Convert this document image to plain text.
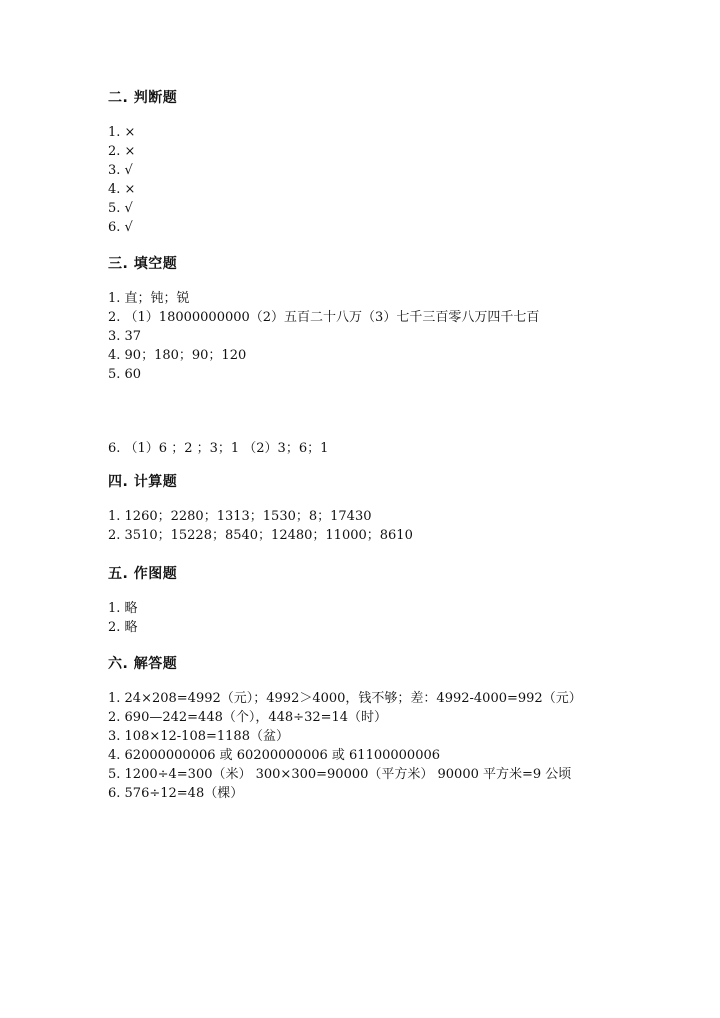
二. 判断题
1. ×
2. ×
3. √
4. ×
5. √
6. √
三. 填空题
1. 直；钝；锐
2. （1）18000000000（2）五百二十八万（3）七千三百零八万四千七百
3. 37
4. 90；180；90；120
5. 60
6. （1）6 ；2 ；3；1 （2）3；6；1
四. 计算题
1. 1260；2280；1313；1530；8；17430
2. 3510；15228；8540；12480；11000；8610
五. 作图题
1. 略
2. 略
六. 解答题
1. 24×208=4992（元）；4992＞4000，钱不够；差：4992-4000=992（元）
2. 690—242=448（个），448÷32=14（时）
3. 108×12-108=1188（盆）
4. 62000000006 或 60200000006 或 61100000006
5. 1200÷4=300（米） 300×300=90000（平方米） 90000 平方米=9 公顷
6. 576÷12=48（棵）
